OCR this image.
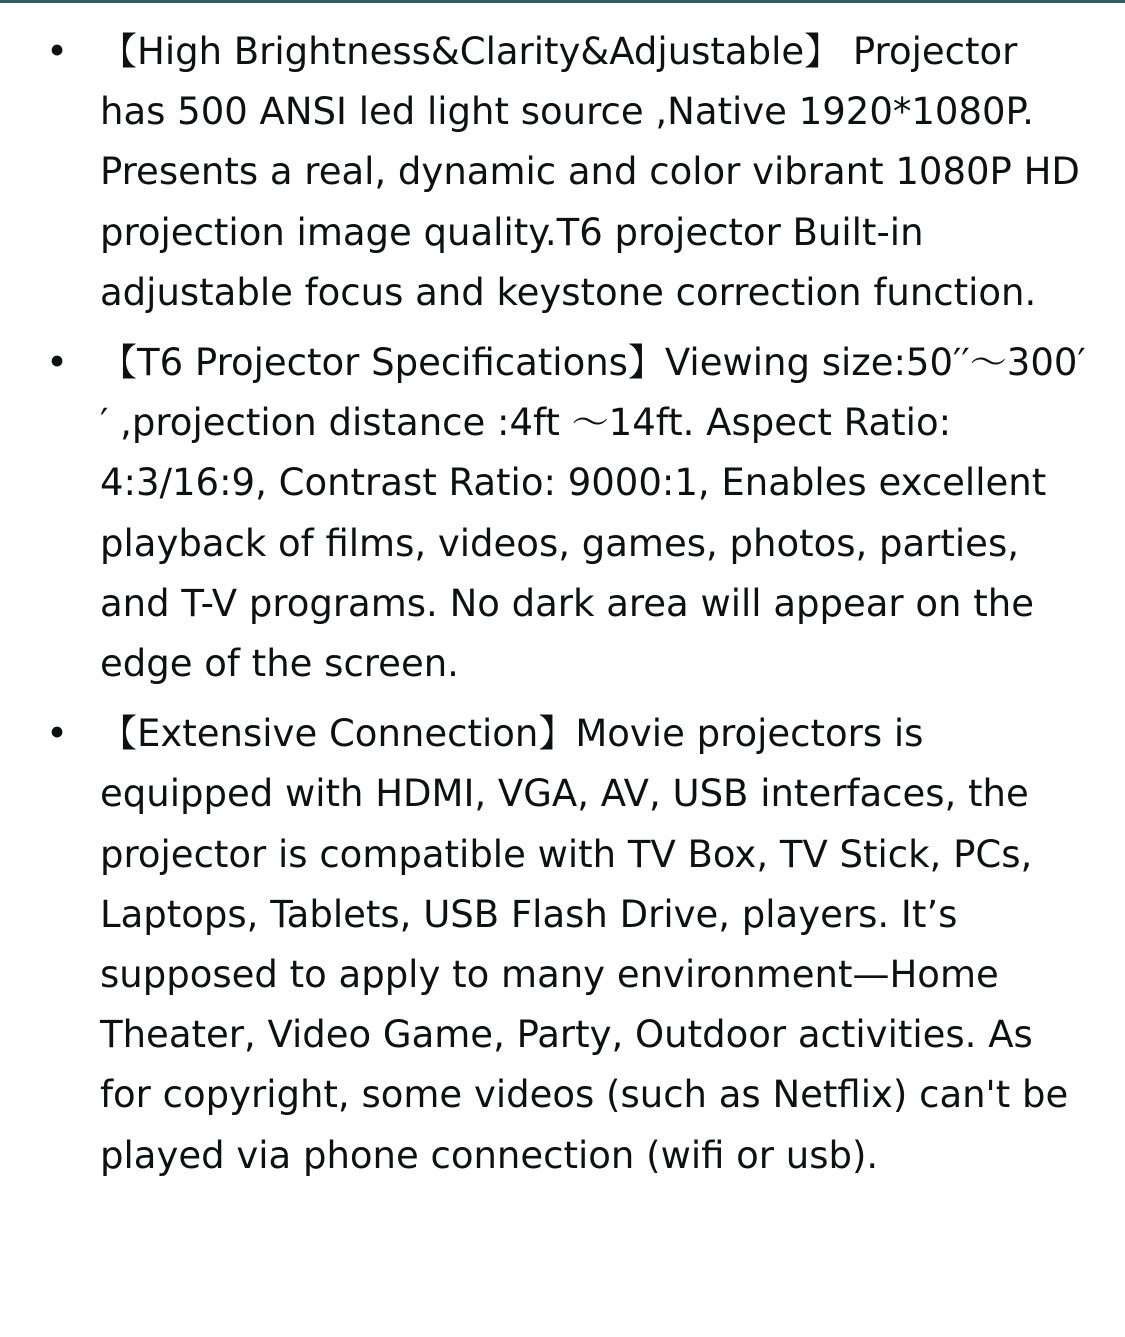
• 【High Brightness&Clarity&Adjustable】 Projector has 500 ANSI led light source ,Native 1920*1080P. Presents a real, dynamic and color vibrant 1080P HD projection image quality.T6 projector Built-in adjustable focus and keystone correction function.
• 【T6 Projector Specifications】Viewing size:50′′～300′′ ,projection distance :4ft ～14ft. Aspect Ratio: 4:3/16:9, Contrast Ratio: 9000:1, Enables excellent playback of films, videos, games, photos, parties, and T-V programs. No dark area will appear on the edge of the screen.
• 【Extensive Connection】Movie projectors is equipped with HDMI, VGA, AV, USB interfaces, the projector is compatible with TV Box, TV Stick, PCs, Laptops, Tablets, USB Flash Drive, players. It’s supposed to apply to many environment—Home Theater, Video Game, Party, Outdoor activities. As for copyright, some videos (such as Netflix) can't be played via phone connection (wifi or usb).
